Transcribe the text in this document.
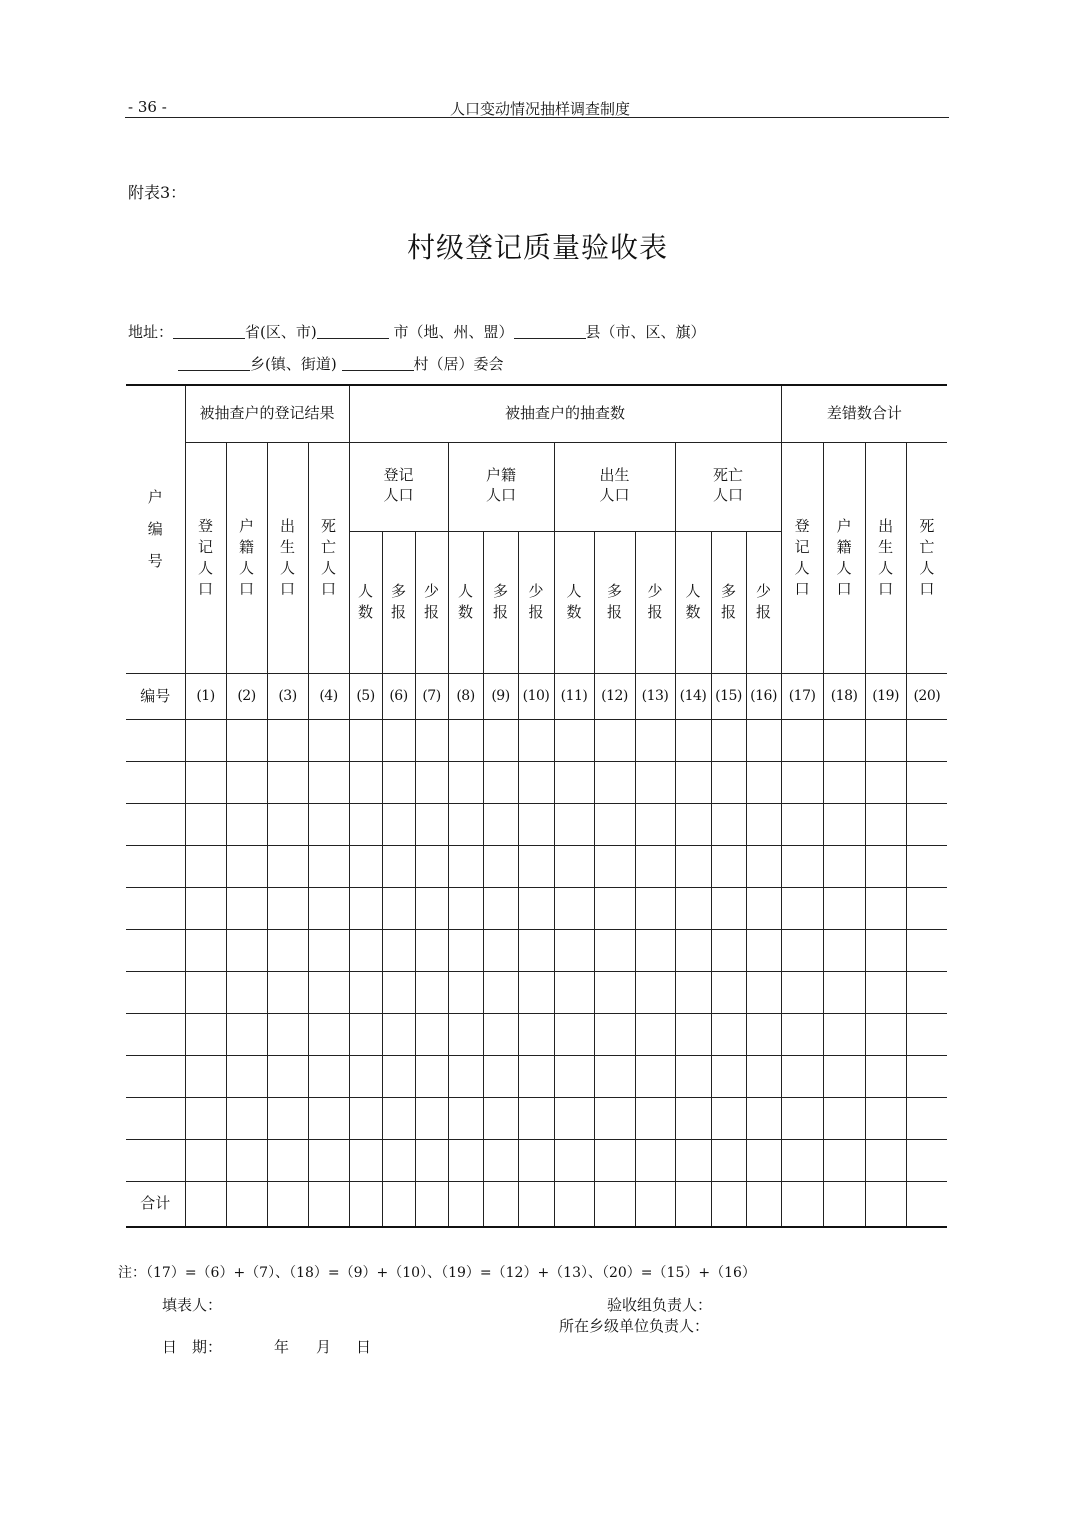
- 36 -	人口变动情况抽样调查制度
附表3：
村级登记质量验收表
地址：	省(区、市)	市（地、州、盟）	县（市、区、旗）
乡(镇、街道)	村（居）委会
户编号	被抽查户的登记结果				被抽查户的抽查数												差错数合计			
	登记人口	户籍人口	出生人口	死亡人口	登记人口			户籍人口			出生人口			死亡人口			登记人口	户籍人口	出生人口	死亡人口
					人数	多报	少报	人数	多报	少报	人数	多报	少报	人数	多报	少报				
编号	(1)	(2)	(3)	(4)	(5)	(6)	(7)	(8)	(9)	(10)	(11)	(12)	(13)	(14)	(15)	(16)	(17)	(18)	(19)	(20)

合计																				
注：（17）=（6）+（7）、（18）=（9）+（10）、（19）=（12）+（13）、（20）=（15）+（16）
填表人：	验收组负责人：
所在乡级单位负责人：
日　期：	年 月 日
